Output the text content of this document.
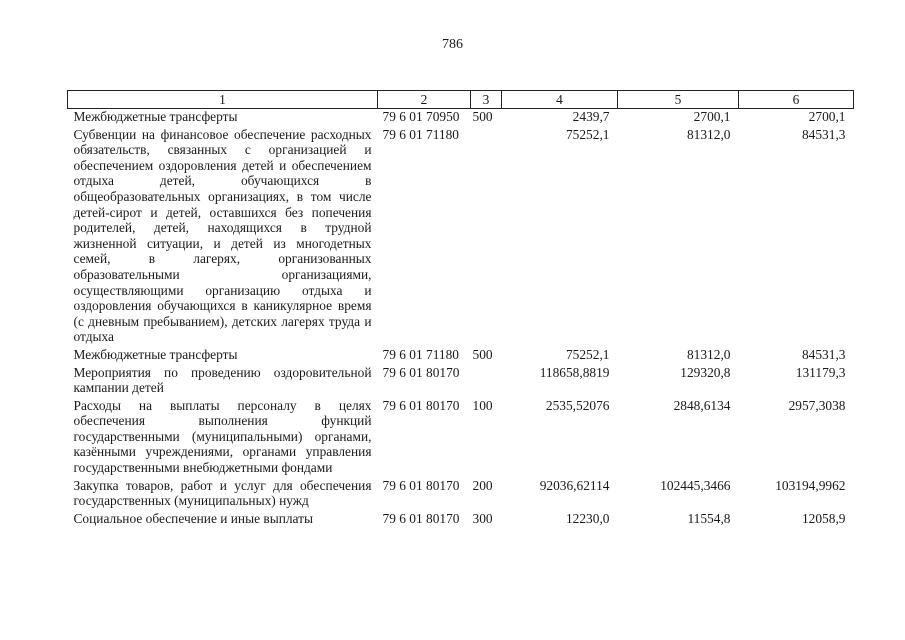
786
1	2	3	4	5	6
Межбюджетные трансферты	79 6 01 70950	500	2439,7	2700,1	2700,1
Субвенции на финансовое обеспечение расходных обязательств, связанных с организацией и обеспечением оздоровления детей и обеспечением отдыха детей, обучающихся в общеобразовательных организациях, в том числе детей-сирот и детей, оставшихся без попечения родителей, детей, находящихся в трудной жизненной ситуации, и детей из многодетных семей, в лагерях, организованных образовательными организациями, осуществляющими организацию отдыха и оздоровления обучающихся в каникулярное время (с дневным пребыванием), детских лагерях труда и отдыха	79 6 01 71180		75252,1	81312,0	84531,3
Межбюджетные трансферты	79 6 01 71180	500	75252,1	81312,0	84531,3
Мероприятия по проведению оздоровительной кампании детей	79 6 01 80170		118658,8819	129320,8	131179,3
Расходы на выплаты персоналу в целях обеспечения выполнения функций государственными (муниципальными) органами, казёнными учреждениями, органами управления государственными внебюджетными фондами	79 6 01 80170	100	2535,52076	2848,6134	2957,3038
Закупка товаров, работ и услуг для обеспечения государственных (муниципальных) нужд	79 6 01 80170	200	92036,62114	102445,3466	103194,9962
Социальное обеспечение и иные выплаты	79 6 01 80170	300	12230,0	11554,8	12058,9
